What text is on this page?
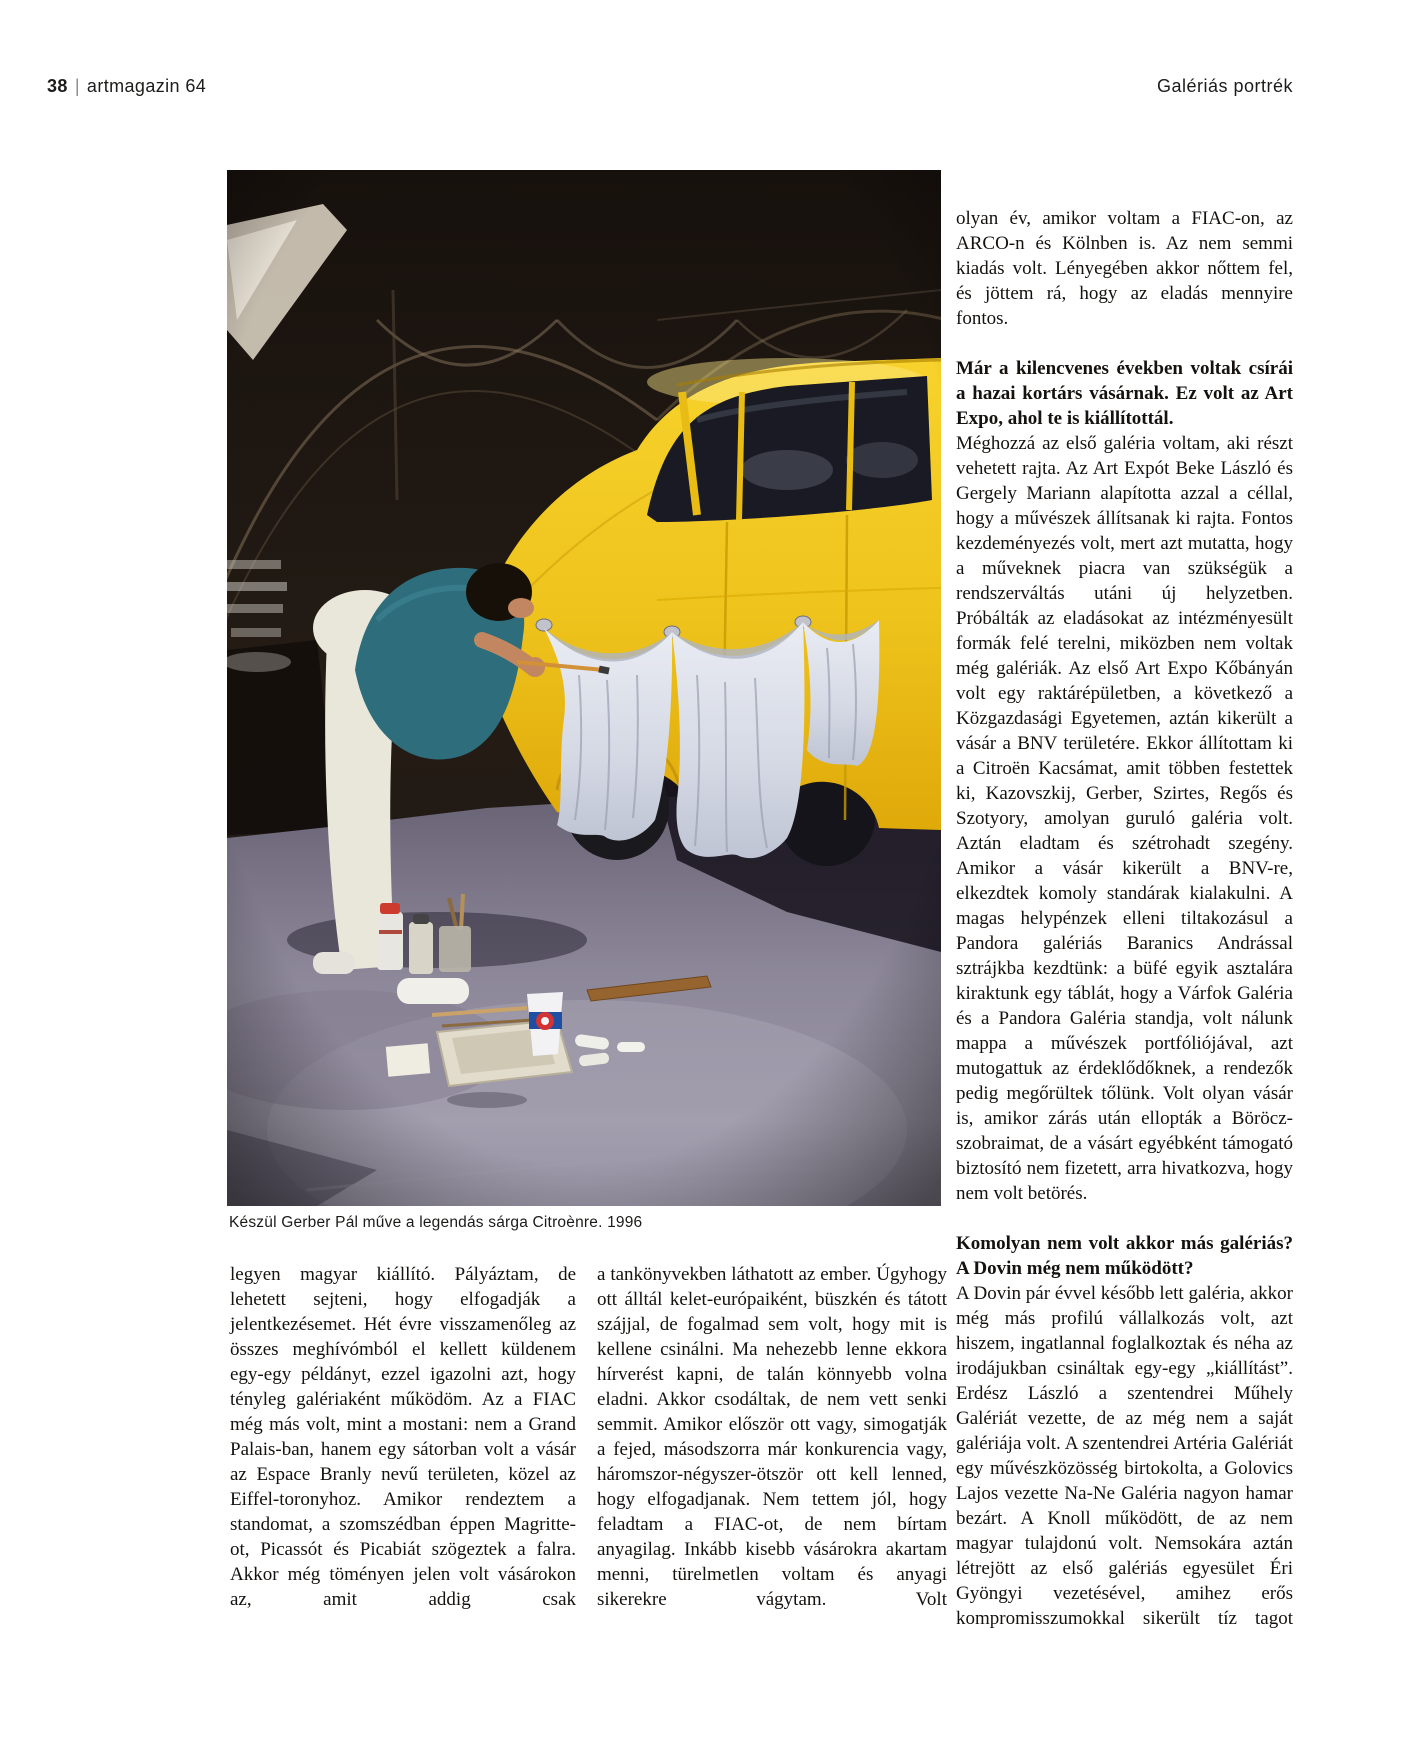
38 | artmagazin 64	Galériás portrék
Készül Gerber Pál műve a legendás sárga Citroènre. 1996

legyen magyar kiállító. Pályáztam, de lehetett sejteni, hogy elfogadják a jelentkezésemet. Hét évre visszamenőleg az összes meghívómból el kellett küldenem egy-egy példányt, ezzel igazolni azt, hogy tényleg galériaként működöm. Az a FIAC még más volt, mint a mostani: nem a Grand Palais-ban, hanem egy sátorban volt a vásár az Espace Branly nevű területen, közel az Eiffel-toronyhoz. Amikor rendeztem a standomat, a szomszédban éppen Magritte-ot, Picassót és Picabiát szögeztek a falra. Akkor még töményen jelen volt vásárokon az, amit addig csak

a tankönyvekben láthatott az ember. Úgyhogy ott álltál kelet-európaiként, büszkén és tátott szájjal, de fogalmad sem volt, hogy mit is kellene csinálni. Ma nehezebb lenne ekkora hírverést kapni, de talán könnyebb volna eladni. Akkor csodáltak, de nem vett senki semmit. Amikor először ott vagy, simogatják a fejed, másodszorra már konkurencia vagy, háromszor-négyszer-ötször ott kell lenned, hogy elfogadjanak. Nem tettem jól, hogy feladtam a FIAC-ot, de nem bírtam anyagilag. Inkább kisebb vásárokra akartam menni, türelmetlen voltam és anyagi sikerekre vágytam. Volt

olyan év, amikor voltam a FIAC-on, az ARCO-n és Kölnben is. Az nem semmi kiadás volt. Lényegében akkor nőttem fel, és jöttem rá, hogy az eladás mennyire fontos.

Már a kilencvenes években voltak csírái a hazai kortárs vásárnak. Ez volt az Art Expo, ahol te is kiállítottál.

Méghozzá az első galéria voltam, aki részt vehetett rajta. Az Art Expót Beke László és Gergely Mariann alapította azzal a céllal, hogy a művészek állítsanak ki rajta. Fontos kezdeményezés volt, mert azt mutatta, hogy a műveknek piacra van szükségük a rendszerváltás utáni új helyzetben. Próbálták az eladásokat az intézményesült formák felé terelni, miközben nem voltak még galériák. Az első Art Expo Kőbányán volt egy raktárépületben, a következő a Közgazdasági Egyetemen, aztán kikerült a vásár a BNV területére. Ekkor állítottam ki a Citroën Kacsámat, amit többen festettek ki, Kazovszkij, Gerber, Szirtes, Regős és Szotyory, amolyan guruló galéria volt. Aztán eladtam és szétrohadt szegény. Amikor a vásár kikerült a BNV-re, elkezdtek komoly standárak kialakulni. A magas helypénzek elleni tiltakozásul a Pandora galériás Baranics Andrással sztrájkba kezdtünk: a büfé egyik asztalára kiraktunk egy táblát, hogy a Várfok Galéria és a Pandora Galéria standja, volt nálunk mappa a művészek portfóliójával, azt mutogattuk az érdeklődőknek, a rendezők pedig megőrültek tőlünk. Volt olyan vásár is, amikor zárás után ellopták a Böröcz-szobraimat, de a vásárt egyébként támogató biztosító nem fizetett, arra hivatkozva, hogy nem volt betörés.

Komolyan nem volt akkor más galériás? A Dovin még nem működött?

A Dovin pár évvel később lett galéria, akkor még más profilú vállalkozás volt, azt hiszem, ingatlannal foglalkoztak és néha az irodájukban csináltak egy-egy „kiállítást”. Erdész László a szentendrei Műhely Galériát vezette, de az még nem a saját galériája volt. A szentendrei Artéria Galériát egy művészközösség birtokolta, a Golovics Lajos vezette Na-Ne Galéria nagyon hamar bezárt. A Knoll működött, de az nem magyar tulajdonú volt. Nemsokára aztán létrejött az első galériás egyesület Éri Gyöngyi vezetésével, amihez erős kompromisszumokkal sikerült tíz tagot
